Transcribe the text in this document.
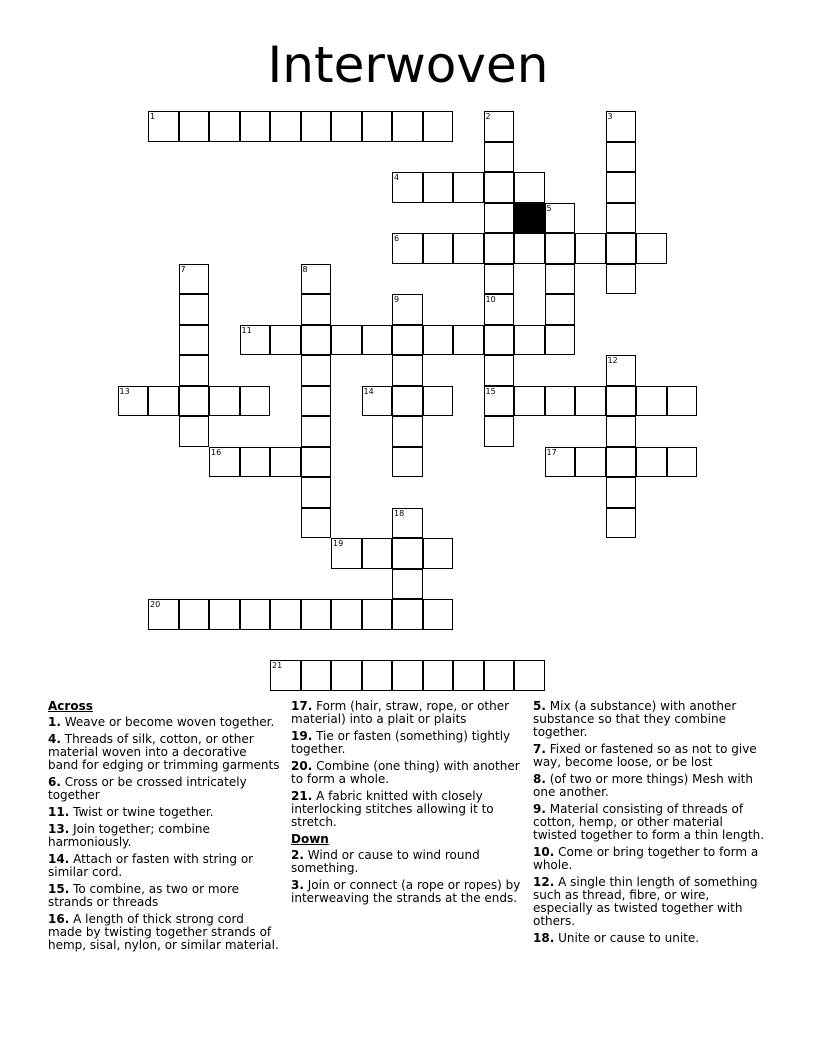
Interwoven
1	2	3
4
5
6
7	8
9	10
15
11
12
13	14
16	17
18
19
20
21
Across
1. Weave or become woven together.
4. Threads of silk, cotton, or other material woven into a decorative band for edging or trimming garments
6. Cross or be crossed intricately together
11. Twist or twine together.
13. Join together; combine harmoniously.
14. Attach or fasten with string or similar cord.
15. To combine, as two or more strands or threads
16. A length of thick strong cord made by twisting together strands of hemp, sisal, nylon, or similar material.
17. Form (hair, straw, rope, or other material) into a plait or plaits
19. Tie or fasten (something) tightly together.
20. Combine (one thing) with another to form a whole.
21. A fabric knitted with closely interlocking stitches allowing it to stretch.
Down
2. Wind or cause to wind round something.
3. Join or connect (a rope or ropes) by interweaving the strands at the ends.
5. Mix (a substance) with another substance so that they combine together.
7. Fixed or fastened so as not to give way, become loose, or be lost
8. (of two or more things) Mesh with one another.
9. Material consisting of threads of cotton, hemp, or other material twisted together to form a thin length.
10. Come or bring together to form a whole.
12. A single thin length of something such as thread, fibre, or wire, especially as twisted together with others.
18. Unite or cause to unite.
